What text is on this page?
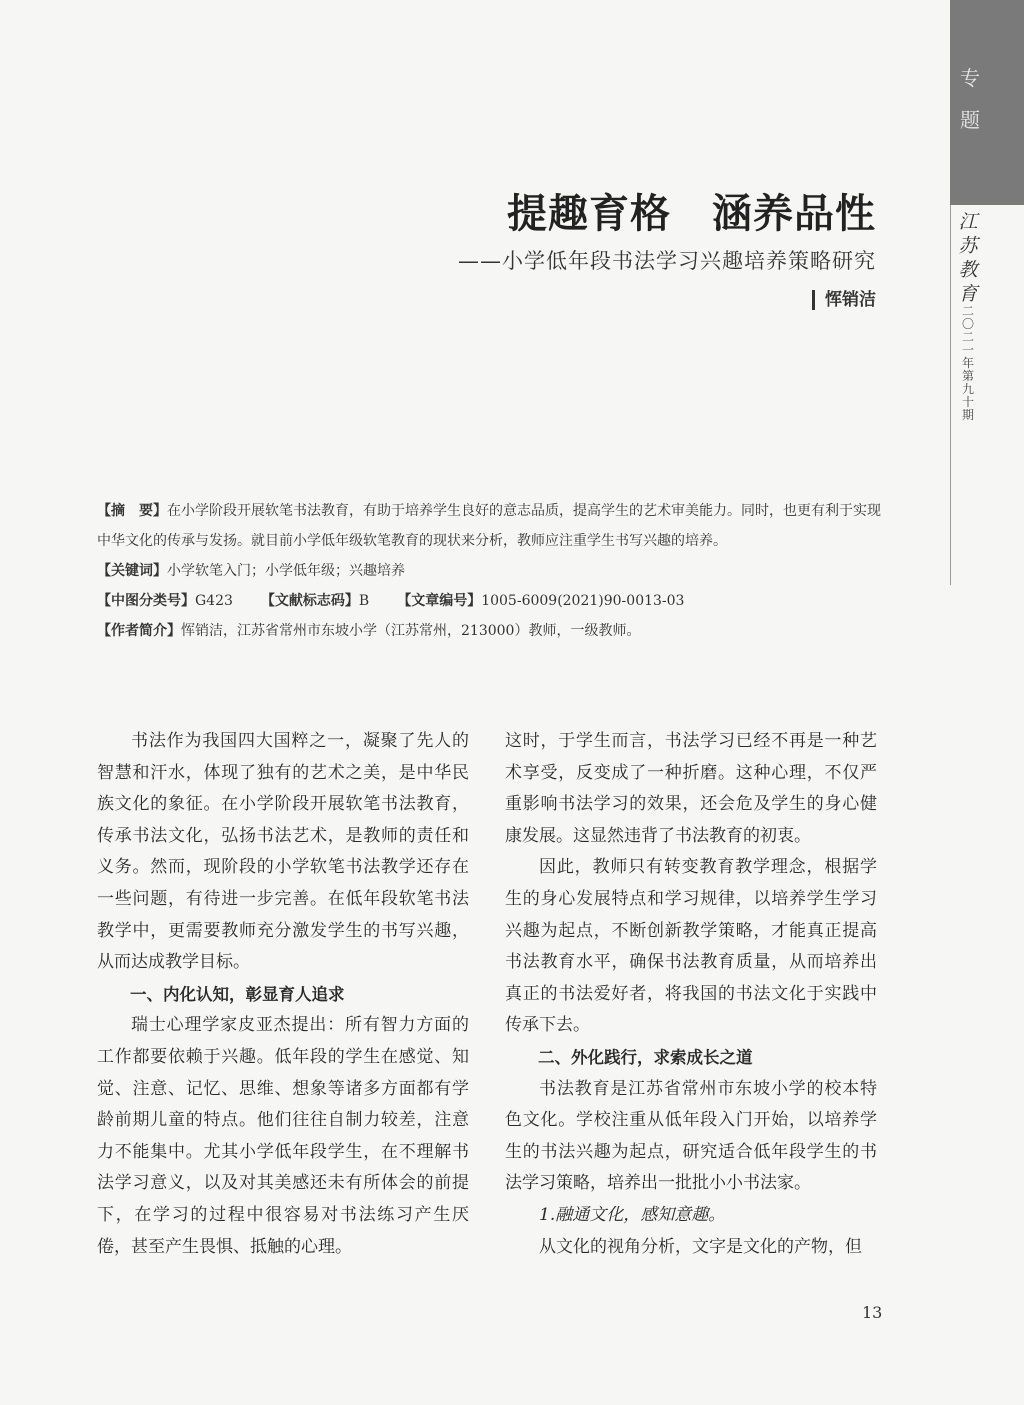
专
题
江苏教育
二〇二一年第九十期
提趣育格　涵养品性
——小学低年段书法学习兴趣培养策略研究
恽销洁

【摘　要】在小学阶段开展软笔书法教育，有助于培养学生良好的意志品质，提高学生的艺术审美能力。同时，也更有利于实现中华文化的传承与发扬。就目前小学低年级软笔教育的现状来分析，教师应注重学生书写兴趣的培养。

【关键词】小学软笔入门；小学低年级；兴趣培养

【中图分类号】G423 【文献标志码】B 【文章编号】1005-6009(2021)90-0013-03

【作者简介】恽销洁，江苏省常州市东坡小学（江苏常州，213000）教师，一级教师。

书法作为我国四大国粹之一，凝聚了先人的智慧和汗水，体现了独有的艺术之美，是中华民族文化的象征。在小学阶段开展软笔书法教育，传承书法文化，弘扬书法艺术，是教师的责任和义务。然而，现阶段的小学软笔书法教学还存在一些问题，有待进一步完善。在低年段软笔书法教学中，更需要教师充分激发学生的书写兴趣，从而达成教学目标。

一、内化认知，彰显育人追求

瑞士心理学家皮亚杰提出：所有智力方面的工作都要依赖于兴趣。低年段的学生在感觉、知觉、注意、记忆、思维、想象等诸多方面都有学龄前期儿童的特点。他们往往自制力较差，注意力不能集中。尤其小学低年段学生，在不理解书法学习意义，以及对其美感还未有所体会的前提下，在学习的过程中很容易对书法练习产生厌倦，甚至产生畏惧、抵触的心理。

这时，于学生而言，书法学习已经不再是一种艺术享受，反变成了一种折磨。这种心理，不仅严重影响书法学习的效果，还会危及学生的身心健康发展。这显然违背了书法教育的初衷。

因此，教师只有转变教育教学理念，根据学生的身心发展特点和学习规律，以培养学生学习兴趣为起点，不断创新教学策略，才能真正提高书法教育水平，确保书法教育质量，从而培养出真正的书法爱好者，将我国的书法文化于实践中传承下去。

二、外化践行，求索成长之道

书法教育是江苏省常州市东坡小学的校本特色文化。学校注重从低年段入门开始，以培养学生的书法兴趣为起点，研究适合低年段学生的书法学习策略，培养出一批批小小书法家。

1.融通文化，感知意趣。

从文化的视角分析，文字是文化的产物，但

13
